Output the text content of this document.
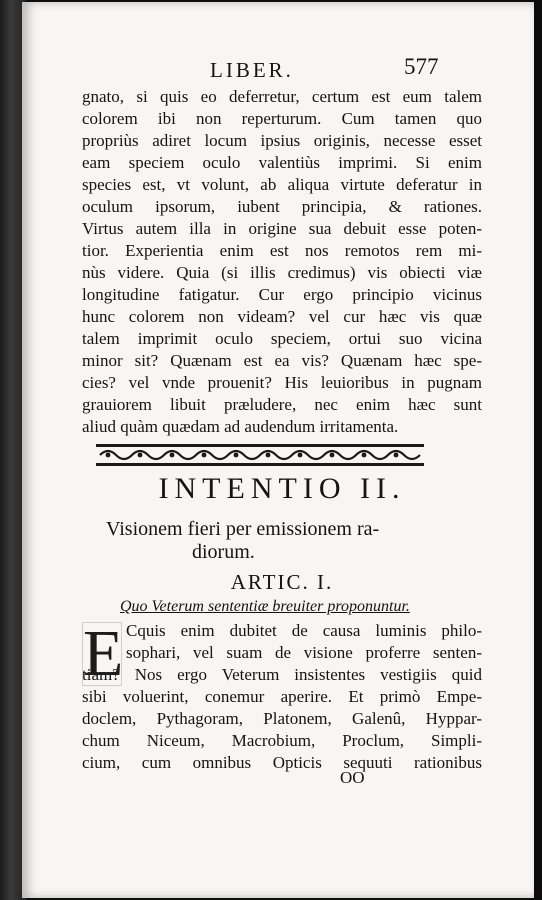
LIBER.	577
gnato, si quis eo deferretur, certum est eum talem
colorem ibi non reperturum. Cum tamen quo
propriùs adiret locum ipsius originis, necesse esset
eam speciem oculo valentiùs imprimi. Si enim
species est, vt volunt, ab aliqua virtute deferatur in
oculum ipsorum, iubent principia, & rationes.
Virtus autem illa in origine sua debuit esse poten-
tior. Experientia enim est nos remotos rem mi-
nùs videre. Quia (si illis credimus) vis obiecti viæ
longitudine fatigatur. Cur ergo principio vicinus
hunc colorem non videam? vel cur hæc vis quæ
talem imprimit oculo speciem, ortui suo vicina
minor sit? Quænam est ea vis? Quænam hæc spe-
cies? vel vnde prouenit? His leuioribus in pugnam
grauiorem libuit præludere, nec enim hæc sunt
aliud quàm quædam ad audendum irritamenta.
INTENTIO II.
Visionem fieri per emissionem ra-
diorum.
ARTIC. I.
Quo Veterum sententiæ breuiter proponuntur.
E Cquis enim dubitet de causa luminis philo-
sophari, vel suam de visione proferre senten-
tiam? Nos ergo Veterum insistentes vestigiis quid
sibi voluerint, conemur aperire. Et primò Empe-
doclem, Pythagoram, Platonem, Galenû, Hyppar-
chum Niceum, Macrobium, Proclum, Simpli-
cium, cum omnibus Opticis sequuti rationibus
OO
